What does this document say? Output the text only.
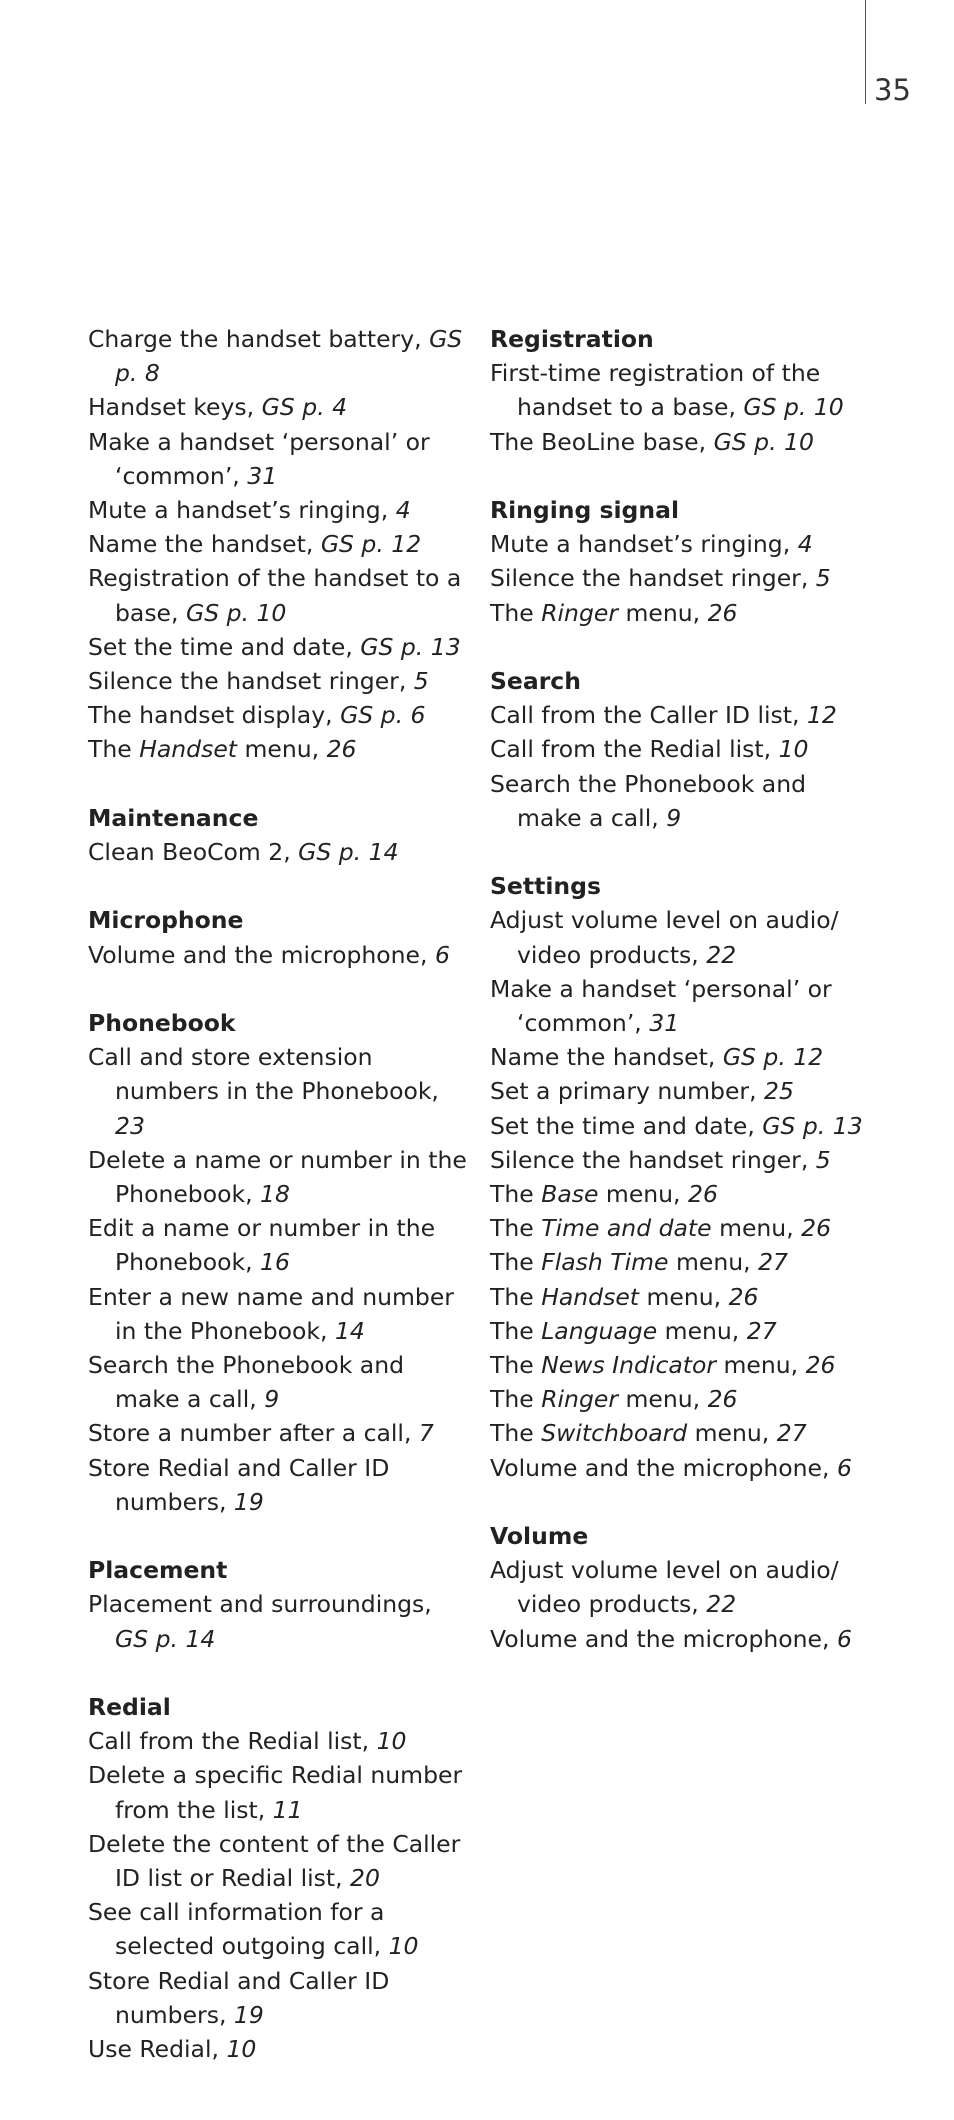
35
Charge the handset battery, GS p. 8
Handset keys, GS p. 4
Make a handset ‘personal’ or ‘common’, 31
Mute a handset’s ringing, 4
Name the handset, GS p. 12
Registration of the handset to a base, GS p. 10
Set the time and date, GS p. 13
Silence the handset ringer, 5
The handset display, GS p. 6
The Handset menu, 26
Maintenance
Clean BeoCom 2, GS p. 14
Microphone
Volume and the microphone, 6
Phonebook
Call and store extension numbers in the Phonebook, 23
Delete a name or number in the Phonebook, 18
Edit a name or number in the Phonebook, 16
Enter a new name and number in the Phonebook, 14
Search the Phonebook and make a call, 9
Store a number after a call, 7
Store Redial and Caller ID numbers, 19
Placement
Placement and surroundings, GS p. 14
Redial
Call from the Redial list, 10
Delete a specific Redial number from the list, 11
Delete the content of the Caller ID list or Redial list, 20
See call information for a selected outgoing call, 10
Store Redial and Caller ID numbers, 19
Use Redial, 10
Registration
First-time registration of the handset to a base, GS p. 10
The BeoLine base, GS p. 10
Ringing signal
Mute a handset’s ringing, 4
Silence the handset ringer, 5
The Ringer menu, 26
Search
Call from the Caller ID list, 12
Call from the Redial list, 10
Search the Phonebook and make a call, 9
Settings
Adjust volume level on audio/ video products, 22
Make a handset ‘personal’ or ‘common’, 31
Name the handset, GS p. 12
Set a primary number, 25
Set the time and date, GS p. 13
Silence the handset ringer, 5
The Base menu, 26
The Time and date menu, 26
The Flash Time menu, 27
The Handset menu, 26
The Language menu, 27
The News Indicator menu, 26
The Ringer menu, 26
The Switchboard menu, 27
Volume and the microphone, 6
Volume
Adjust volume level on audio/ video products, 22
Volume and the microphone, 6
